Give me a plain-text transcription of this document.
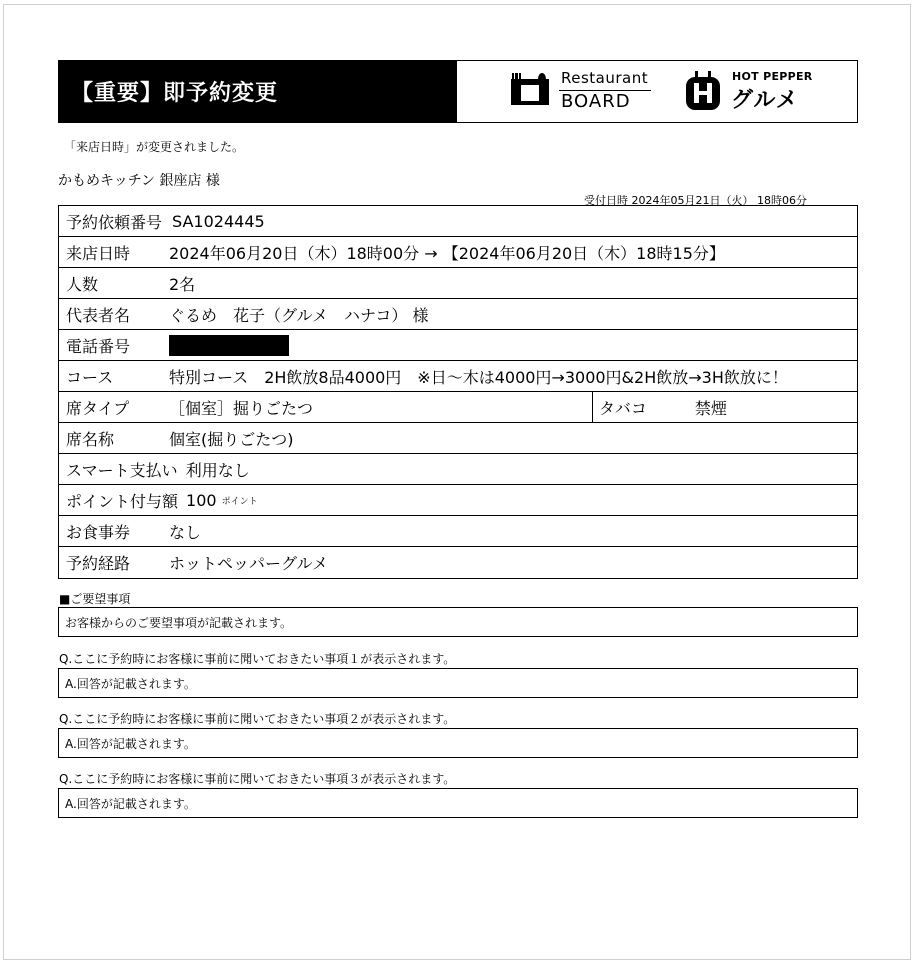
【重要】即予約変更
Restaurant
BOARD
HOT PEPPER
グルメ
「来店日時」が変更されました。
かもめキッチン 銀座店 様
受付日時 2024年05月21日（火） 18時06分
予約依頼番号 SA1024445
来店日時	2024年06月20日（木）18時00分 → 【2024年06月20日（木）18時15分】
人数	2名
代表者名	ぐるめ　花子（グルメ　ハナコ） 様
電話番号
コース	特別コース　2H飲放8品4000円　※日～木は4000円→3000円&2H飲放→3H飲放に！
席タイプ	［個室］掘りごたつ	タバコ	禁煙
席名称	個室(掘りごたつ)
スマート支払い 利用なし
ポイント付与額 100 ポイント
お食事券	なし
予約経路	ホットペッパーグルメ
■ご要望事項
お客様からのご要望事項が記載されます。
Q.ここに予約時にお客様に事前に聞いておきたい事項１が表示されます。
A.回答が記載されます。
Q.ここに予約時にお客様に事前に聞いておきたい事項２が表示されます。
A.回答が記載されます。
Q.ここに予約時にお客様に事前に聞いておきたい事項３が表示されます。
A.回答が記載されます。
